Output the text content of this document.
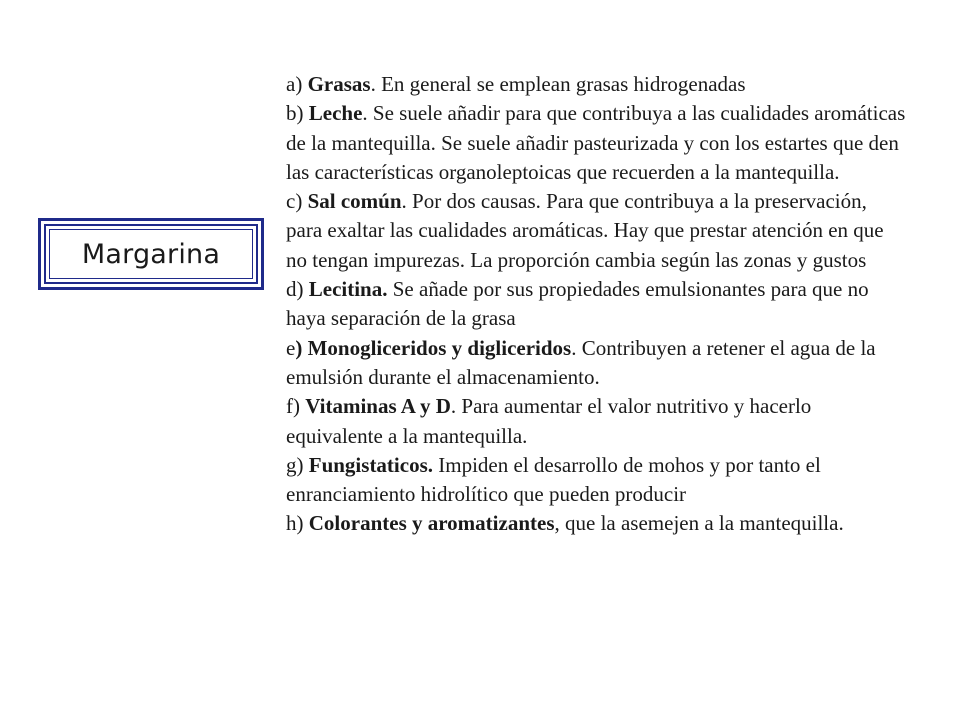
Margarina

a) Grasas. En general se emplean grasas hidrogenadas

b) Leche. Se suele añadir para que contribuya a las cualidades aromáticas de la mantequilla. Se suele añadir pasteurizada y con los estartes que den las características organoleptoicas que recuerden a la mantequilla.

c) Sal común. Por dos causas. Para que contribuya a la preservación, para exaltar las cualidades aromáticas. Hay que prestar atención en que no tengan impurezas. La proporción cambia según las zonas y gustos

d) Lecitina. Se añade por sus propiedades emulsionantes para que no haya separación de la grasa

e) Monogliceridos y digliceridos. Contribuyen a retener el agua de la emulsión durante el almacenamiento.

f) Vitaminas A y D. Para aumentar el valor nutritivo y hacerlo equivalente a la mantequilla.

g) Fungistaticos. Impiden el desarrollo de mohos y por tanto el enranciamiento hidrolítico que pueden producir

h) Colorantes y aromatizantes, que la asemejen a la mantequilla.
